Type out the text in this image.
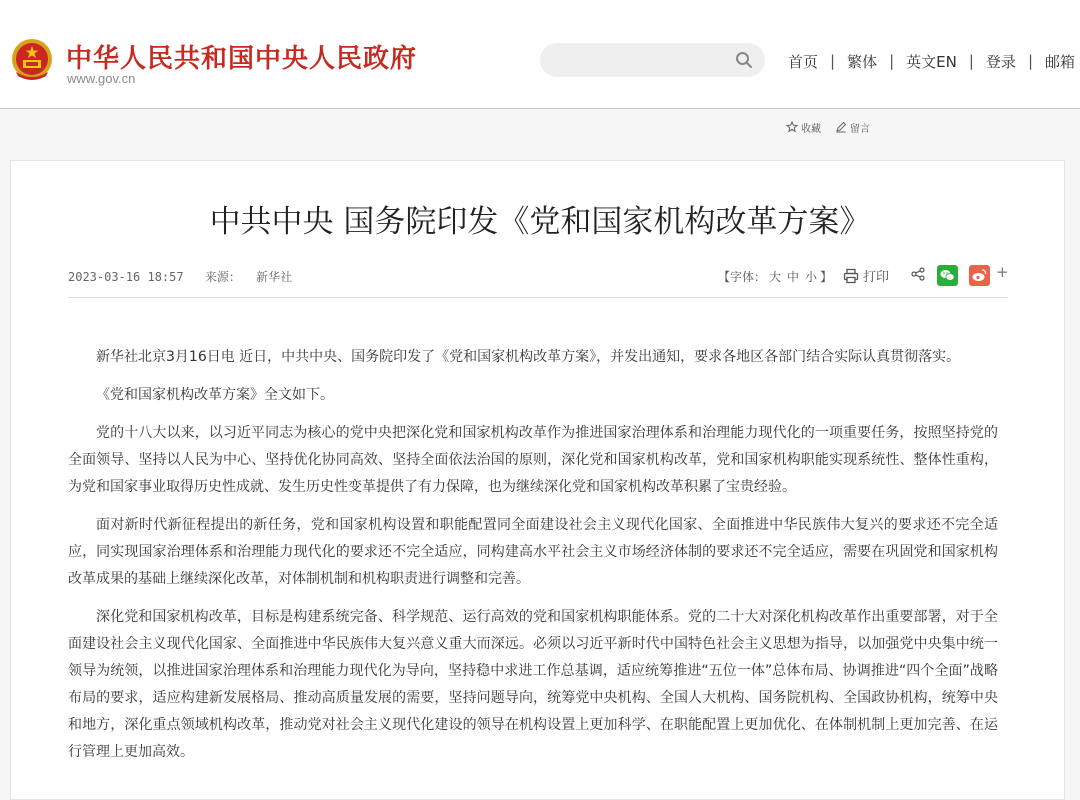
中华人民共和国中央人民政府
www.gov.cn
首页 | 繁体 | 英文EN | 登录 | 邮箱
收藏	留言
中共中央 国务院印发《党和国家机构改革方案》
2023-03-16 18:57 来源： 新华社	【字体： 大 中 小 】 打印	+

新华社北京3月16日电 近日，中共中央、国务院印发了《党和国家机构改革方案》，并发出通知，要求各地区各部门结合实际认真贯彻落实。

《党和国家机构改革方案》全文如下。

党的十八大以来，以习近平同志为核心的党中央把深化党和国家机构改革作为推进国家治理体系和治理能力现代化的一项重要任务，按照坚持党的全面领导、坚持以人民为中心、坚持优化协同高效、坚持全面依法治国的原则，深化党和国家机构改革，党和国家机构职能实现系统性、整体性重构，为党和国家事业取得历史性成就、发生历史性变革提供了有力保障，也为继续深化党和国家机构改革积累了宝贵经验。

面对新时代新征程提出的新任务，党和国家机构设置和职能配置同全面建设社会主义现代化国家、全面推进中华民族伟大复兴的要求还不完全适应，同实现国家治理体系和治理能力现代化的要求还不完全适应，同构建高水平社会主义市场经济体制的要求还不完全适应，需要在巩固党和国家机构改革成果的基础上继续深化改革，对体制机制和机构职责进行调整和完善。

深化党和国家机构改革，目标是构建系统完备、科学规范、运行高效的党和国家机构职能体系。党的二十大对深化机构改革作出重要部署，对于全面建设社会主义现代化国家、全面推进中华民族伟大复兴意义重大而深远。必须以习近平新时代中国特色社会主义思想为指导，以加强党中央集中统一领导为统领，以推进国家治理体系和治理能力现代化为导向，坚持稳中求进工作总基调，适应统筹推进“五位一体”总体布局、协调推进“四个全面”战略布局的要求，适应构建新发展格局、推动高质量发展的需要，坚持问题导向，统筹党中央机构、全国人大机构、国务院机构、全国政协机构，统筹中央和地方，深化重点领域机构改革，推动党对社会主义现代化建设的领导在机构设置上更加科学、在职能配置上更加优化、在体制机制上更加完善、在运行管理上更加高效。
